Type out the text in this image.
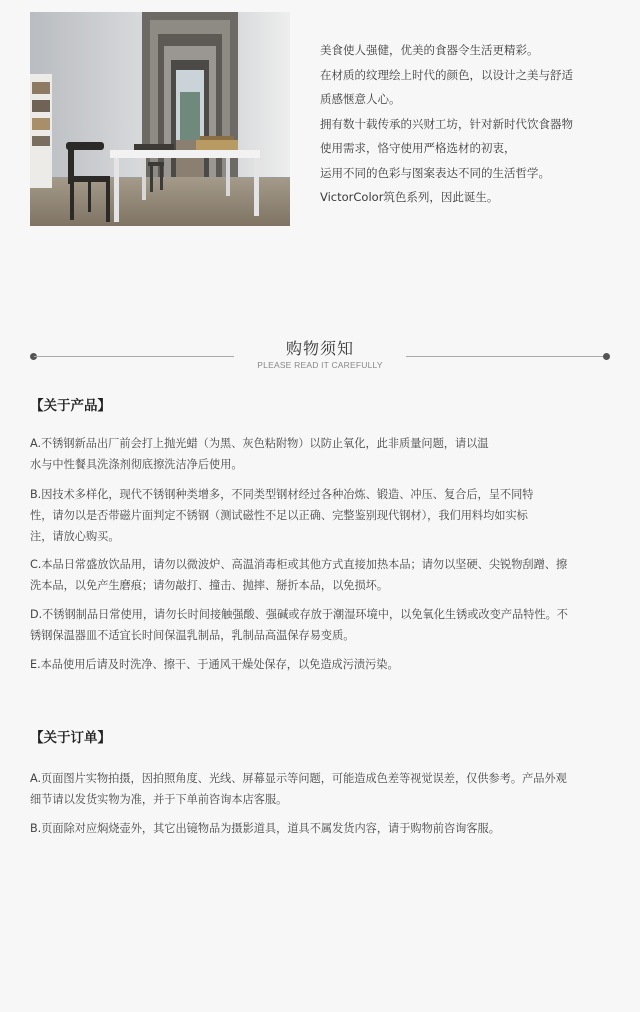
美食使人强健，优美的食器令生活更精彩。

在材质的纹理绘上时代的颜色，以设计之美与舒适

质感惬意人心。

拥有数十载传承的兴财工坊，针对新时代饮食器物

使用需求，恪守使用严格选材的初衷，

运用不同的色彩与图案表达不同的生活哲学。

VictorColor筑色系列，因此诞生。

购物须知
PLEASE READ IT CAREFULLY
【关于产品】
A.不锈钢新品出厂前会打上抛光蜡（为黑、灰色粘附物）以防止氧化，此非质量问题，请以温
水与中性餐具洗涤剂彻底擦洗洁净后使用。
B.因技术多样化，现代不锈钢种类增多，不同类型钢材经过各种冶炼、锻造、冲压、复合后，呈不同特
性，请勿以是否带磁片面判定不锈钢（测试磁性不足以正确、完整鉴别现代钢材），我们用料均如实标
注，请放心购买。
C.本品日常盛放饮品用，请勿以微波炉、高温消毒柜或其他方式直接加热本品；请勿以坚硬、尖锐物刮蹭、擦
洗本品，以免产生磨痕；请勿敲打、撞击、抛摔、掰折本品，以免损坏。
D.不锈钢制品日常使用，请勿长时间接触强酸、强碱或存放于潮湿环境中，以免氧化生锈或改变产品特性。不
锈钢保温器皿不适宜长时间保温乳制品，乳制品高温保存易变质。
E.本品使用后请及时洗净、擦干、于通风干燥处保存，以免造成污渍污染。
【关于订单】
A.页面图片实物拍摄，因拍照角度、光线、屏幕显示等问题，可能造成色差等视觉误差，仅供参考。产品外观
细节请以发货实物为准，并于下单前咨询本店客服。
B.页面除对应焖烧壶外，其它出镜物品为摄影道具，道具不属发货内容，请于购物前咨询客服。
